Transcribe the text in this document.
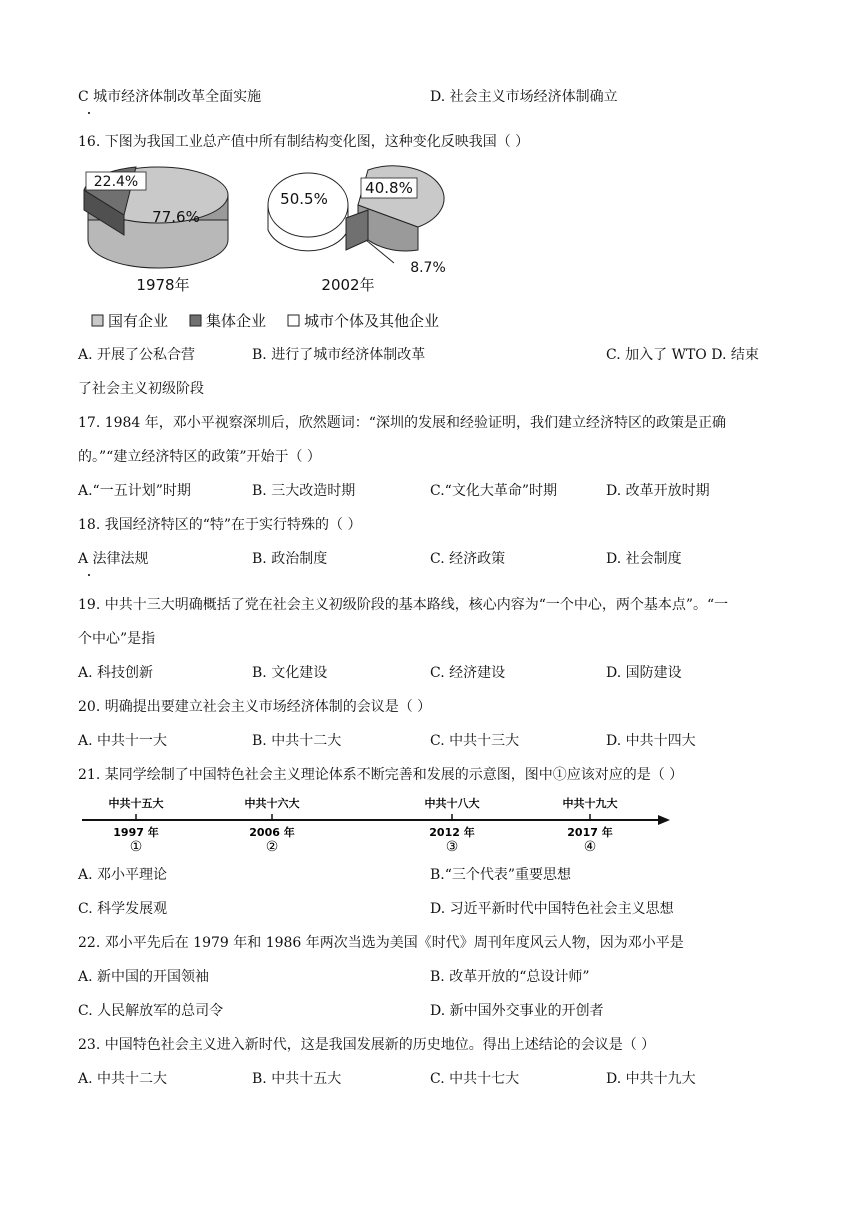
C 城市经济体制改革全面实施	D. 社会主义市场经济体制确立
16. 下图为我国工业总产值中所有制结构变化图，这种变化反映我国（ ）
22.4%
77.6%
1978年
50.5%
40.8%
8.7%
2002年
国有企业	集体企业	城市个体及其他企业
A. 开展了公私合营	B. 进行了城市经济体制改革	C. 加入了 WTO D. 结束
了社会主义初级阶段
17. 1984 年，邓小平视察深圳后，欣然题词：“深圳的发展和经验证明，我们建立经济特区的政策是正确
的。”“建立经济特区的政策”开始于（ ）
A.“一五计划”时期	B. 三大改造时期	C.“文化大革命”时期	D. 改革开放时期
18. 我国经济特区的“特”在于实行特殊的（ ）
A 法律法规	B. 政治制度	C. 经济政策	D. 社会制度
19. 中共十三大明确概括了党在社会主义初级阶段的基本路线，核心内容为“一个中心，两个基本点”。“一
个中心”是指
A. 科技创新	B. 文化建设	C. 经济建设	D. 国防建设
20. 明确提出要建立社会主义市场经济体制的会议是（ ）
A. 中共十一大	B. 中共十二大	C. 中共十三大	D. 中共十四大
21. 某同学绘制了中国特色社会主义理论体系不断完善和发展的示意图，图中①应该对应的是（ ）
中共十五大
1997 年
①
中共十六大
2006 年
②
中共十八大
2012 年
③
中共十九大
2017 年
④
A. 邓小平理论	B.“三个代表”重要思想
C. 科学发展观	D. 习近平新时代中国特色社会主义思想
22. 邓小平先后在 1979 年和 1986 年两次当选为美国《时代》周刊年度风云人物，因为邓小平是
A. 新中国的开国领袖	B. 改革开放的“总设计师”
C. 人民解放军的总司令	D. 新中国外交事业的开创者
23. 中国特色社会主义进入新时代，这是我国发展新的历史地位。得出上述结论的会议是（ ）
A. 中共十二大	B. 中共十五大	C. 中共十七大	D. 中共十九大
